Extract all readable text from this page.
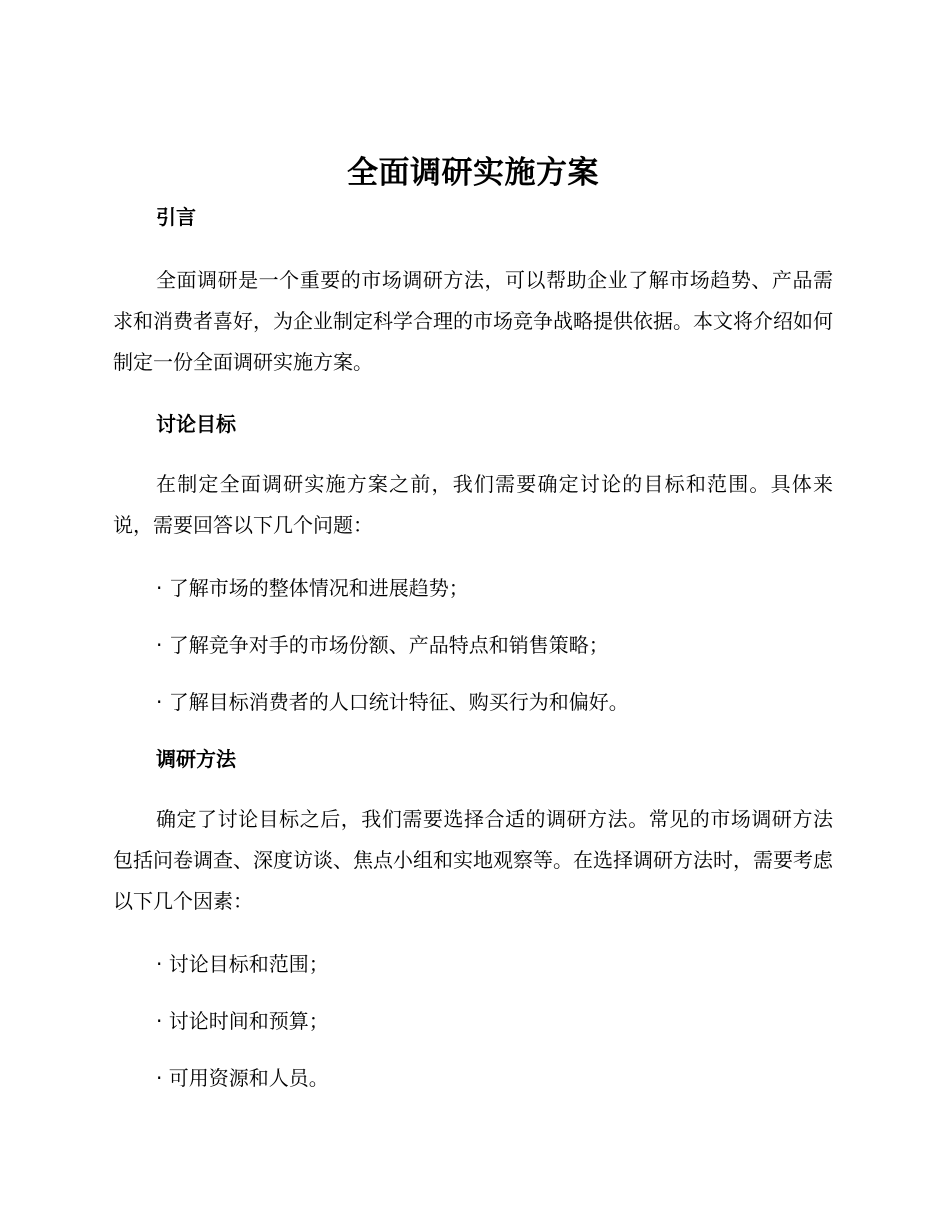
全面调研实施方案
引言

全面调研是一个重要的市场调研方法，可以帮助企业了解市场趋势、产品需求和消费者喜好，为企业制定科学合理的市场竞争战略提供依据。本文将介绍如何制定一份全面调研实施方案。

讨论目标

在制定全面调研实施方案之前，我们需要确定讨论的目标和范围。具体来说，需要回答以下几个问题：

· 了解市场的整体情况和进展趋势；

· 了解竞争对手的市场份额、产品特点和销售策略；

· 了解目标消费者的人口统计特征、购买行为和偏好。

调研方法

确定了讨论目标之后，我们需要选择合适的调研方法。常见的市场调研方法包括问卷调查、深度访谈、焦点小组和实地观察等。在选择调研方法时，需要考虑以下几个因素：

· 讨论目标和范围；

· 讨论时间和预算；

· 可用资源和人员。
